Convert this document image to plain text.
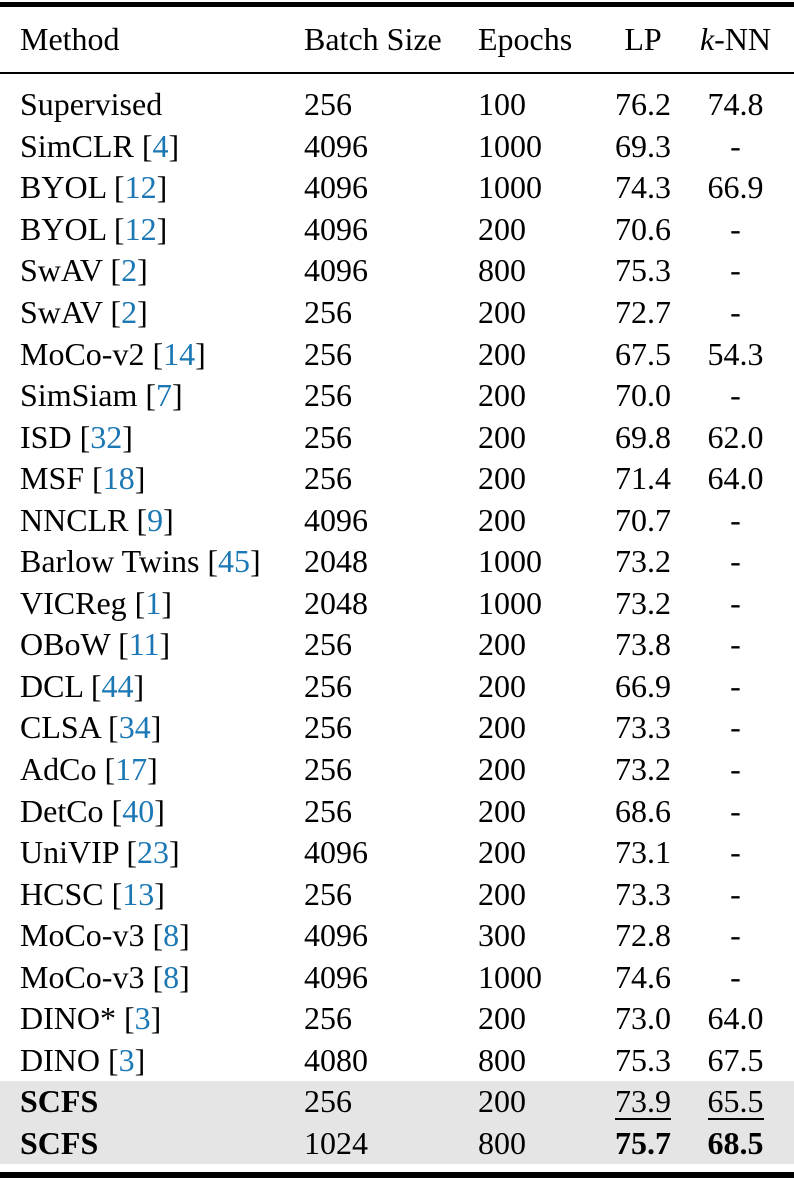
Method	Batch Size	Epochs	LP	k-NN
Supervised	256	100	76.2	74.8
SimCLR [4]	4096	1000	69.3	-
BYOL [12]	4096	1000	74.3	66.9
BYOL [12]	4096	200	70.6	-
SwAV [2]	4096	800	75.3	-
SwAV [2]	256	200	72.7	-
MoCo-v2 [14]	256	200	67.5	54.3
SimSiam [7]	256	200	70.0	-
ISD [32]	256	200	69.8	62.0
MSF [18]	256	200	71.4	64.0
NNCLR [9]	4096	200	70.7	-
Barlow Twins [45]	2048	1000	73.2	-
VICReg [1]	2048	1000	73.2	-
OBoW [11]	256	200	73.8	-
DCL [44]	256	200	66.9	-
CLSA [34]	256	200	73.3	-
AdCo [17]	256	200	73.2	-
DetCo [40]	256	200	68.6	-
UniVIP [23]	4096	200	73.1	-
HCSC [13]	256	200	73.3	-
MoCo-v3 [8]	4096	300	72.8	-
MoCo-v3 [8]	4096	1000	74.6	-
DINO* [3]	256	200	73.0	64.0
DINO [3]	4080	800	75.3	67.5
SCFS	256	200	73.9	65.5
SCFS	1024	800	75.7	68.5
